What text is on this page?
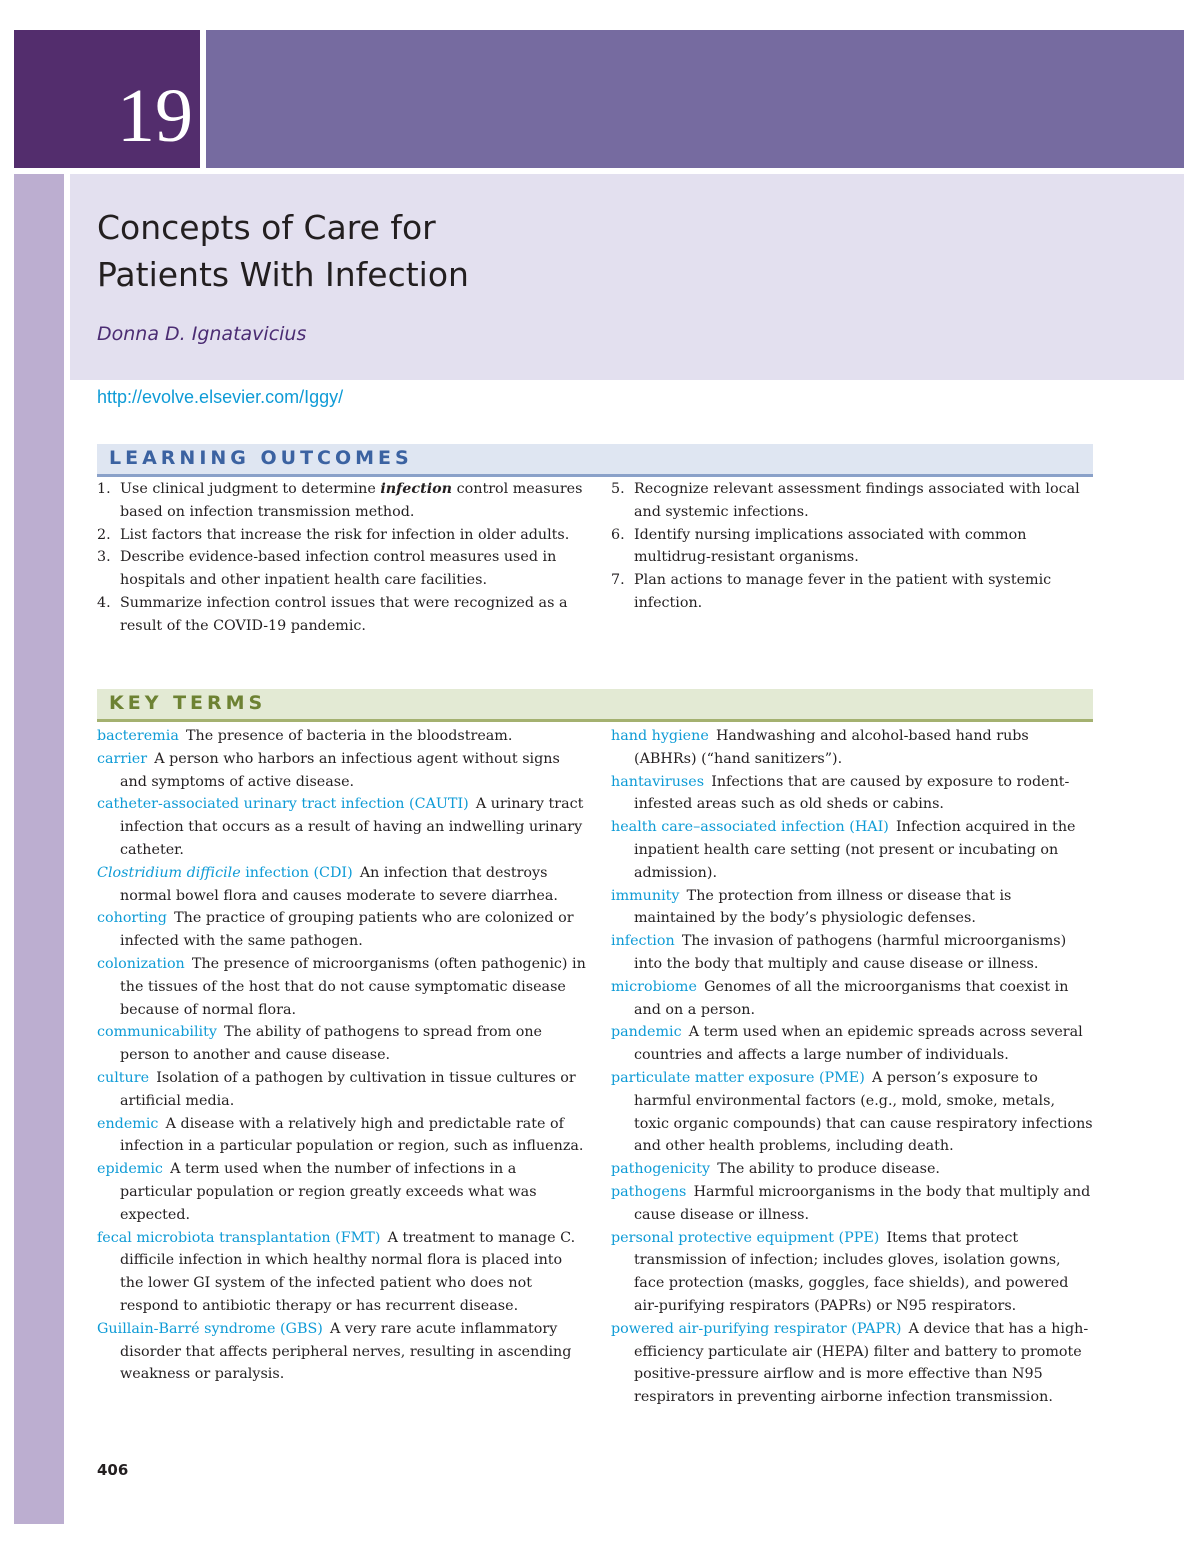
19
Concepts of Care for
Patients With Infection
Donna D. Ignatavicius
http://evolve.elsevier.com/Iggy/
LEARNING OUTCOMES
1. Use clinical judgment to determine infection control measures based on infection transmission method.
2. List factors that increase the risk for infection in older adults.
3. Describe evidence-based infection control measures used in hospitals and other inpatient health care facilities.
4. Summarize infection control issues that were recognized as a result of the COVID-19 pandemic.
5. Recognize relevant assessment findings associated with local and systemic infections.
6. Identify nursing implications associated with common multidrug-resistant organisms.
7. Plan actions to manage fever in the patient with systemic infection.
KEY TERMS
bacteremia  The presence of bacteria in the bloodstream.
carrier  A person who harbors an infectious agent without signs and symptoms of active disease.
catheter-associated urinary tract infection (CAUTI)  A urinary tract infection that occurs as a result of having an indwelling urinary catheter.
Clostridium difficile infection (CDI)  An infection that destroys normal bowel flora and causes moderate to severe diarrhea.
cohorting  The practice of grouping patients who are colonized or infected with the same pathogen.
colonization  The presence of microorganisms (often pathogenic) in the tissues of the host that do not cause symptomatic disease because of normal flora.
communicability  The ability of pathogens to spread from one person to another and cause disease.
culture  Isolation of a pathogen by cultivation in tissue cultures or artificial media.
endemic  A disease with a relatively high and predictable rate of infection in a particular population or region, such as influenza.
epidemic  A term used when the number of infections in a particular population or region greatly exceeds what was expected.
fecal microbiota transplantation (FMT)  A treatment to manage C. difficile infection in which healthy normal flora is placed into the lower GI system of the infected patient who does not respond to antibiotic therapy or has recurrent disease.
Guillain-Barré syndrome (GBS)  A very rare acute inflammatory disorder that affects peripheral nerves, resulting in ascending weakness or paralysis.
hand hygiene  Handwashing and alcohol-based hand rubs (ABHRs) (“hand sanitizers”).
hantaviruses  Infections that are caused by exposure to rodent-infested areas such as old sheds or cabins.
health care–associated infection (HAI)  Infection acquired in the inpatient health care setting (not present or incubating on admission).
immunity  The protection from illness or disease that is maintained by the body’s physiologic defenses.
infection  The invasion of pathogens (harmful microorganisms) into the body that multiply and cause disease or illness.
microbiome  Genomes of all the microorganisms that coexist in and on a person.
pandemic  A term used when an epidemic spreads across several countries and affects a large number of individuals.
particulate matter exposure (PME)  A person’s exposure to harmful environmental factors (e.g., mold, smoke, metals, toxic organic compounds) that can cause respiratory infections and other health problems, including death.
pathogenicity  The ability to produce disease.
pathogens  Harmful microorganisms in the body that multiply and cause disease or illness.
personal protective equipment (PPE)  Items that protect transmission of infection; includes gloves, isolation gowns, face protection (masks, goggles, face shields), and powered air-purifying respirators (PAPRs) or N95 respirators.
powered air-purifying respirator (PAPR)  A device that has a high-efficiency particulate air (HEPA) filter and battery to promote positive-pressure airflow and is more effective than N95 respirators in preventing airborne infection transmission.
406
